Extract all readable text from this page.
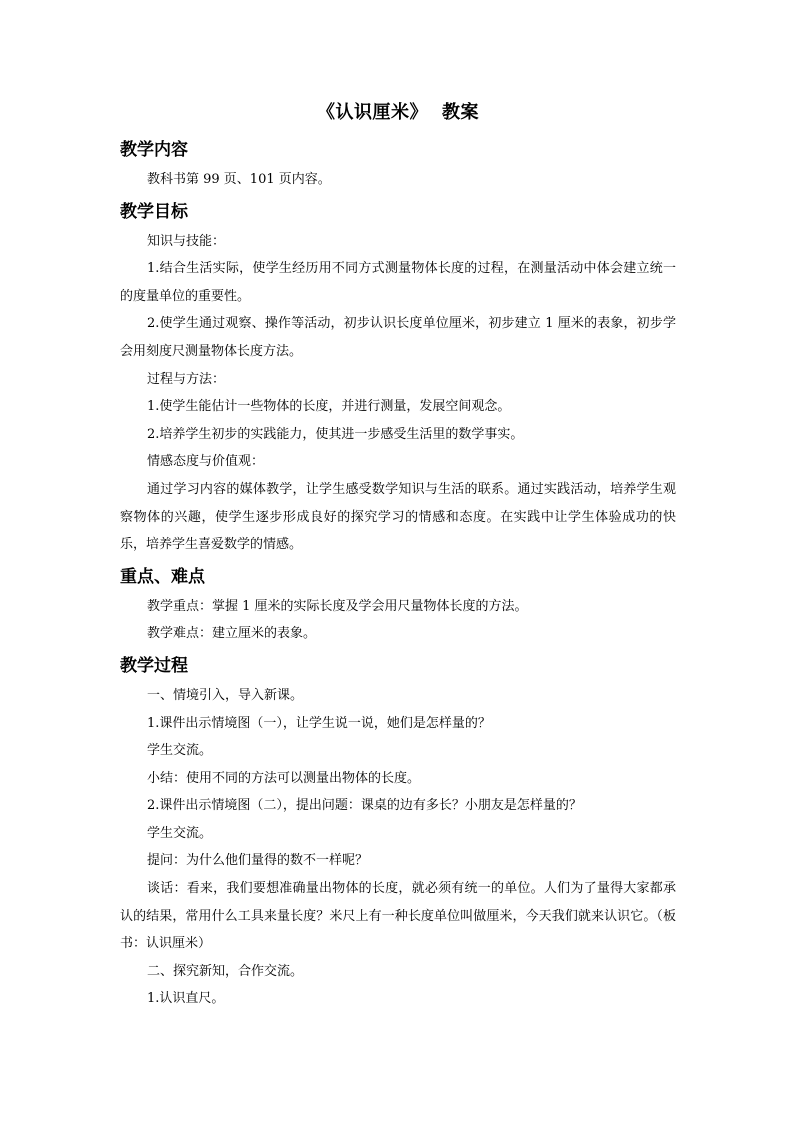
《认识厘米》 教案
教学内容

教科书第 99 页、101 页内容。

教学目标

知识与技能：

1.结合生活实际，使学生经历用不同方式测量物体长度的过程，在测量活动中体会建立统一的度量单位的重要性。

2.使学生通过观察、操作等活动，初步认识长度单位厘米，初步建立 1 厘米的表象，初步学会用刻度尺测量物体长度方法。

过程与方法：

1.使学生能估计一些物体的长度，并进行测量，发展空间观念。

2.培养学生初步的实践能力，使其进一步感受生活里的数学事实。

情感态度与价值观：

通过学习内容的媒体教学，让学生感受数学知识与生活的联系。通过实践活动，培养学生观察物体的兴趣，使学生逐步形成良好的探究学习的情感和态度。在实践中让学生体验成功的快乐，培养学生喜爱数学的情感。

重点、难点

教学重点：掌握 1 厘米的实际长度及学会用尺量物体长度的方法。

教学难点：建立厘米的表象。

教学过程

一、情境引入，导入新课。

1.课件出示情境图（一），让学生说一说，她们是怎样量的？

学生交流。

小结：使用不同的方法可以测量出物体的长度。

2.课件出示情境图（二），提出问题：课桌的边有多长？小朋友是怎样量的？

学生交流。

提问：为什么他们量得的数不一样呢？

谈话：看来，我们要想准确量出物体的长度，就必须有统一的单位。人们为了量得大家都承认的结果，常用什么工具来量长度？米尺上有一种长度单位叫做厘米，今天我们就来认识它。（板书：认识厘米）

二、探究新知，合作交流。

1.认识直尺。
